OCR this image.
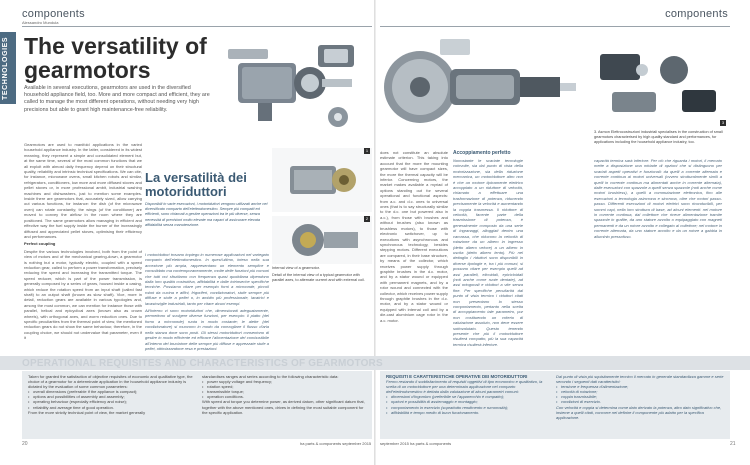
components	components
Alessandro Mundula
TECHNOLOGIES The versatility of gearmotors
Available in several executions, gearmotors are used in the diversified household appliance field, too. More and more compact and efficient, they are called to manage the most different operations, without needing very high precisions but able to grant high maintenance-free reliability.

Gearmotors are used to manifold applications in the varied household appliance industry. In the latter, considered in its widest meaning, they represent a simple and consolidated element but, at the same time, several of the most common functions that we all exploit with almost daily frequency depend on their structural quality, reliability and intrinsic technical specifications. We can cite, for instance, microwave ovens, small kitchen robots and similar, refrigerators, conditioners, low more and more diffused stoves and pellet stoves or, in more professional ambit, industrial washing machines and dishwashers, just to mention some examples. Inside there are gearmotors that, accurately sized, allow carrying out various functions, for instance: the dish (of the microwave oven) can rotate constantly; the wings (of the conditioner) are moved to convey the airflow in the room where they are positioned. The same gearmotors allow managing in efficient and effective way the fuel supply inside the burner of the increasingly diffused and appreciated pellet stoves, optimising their efficiency and performances.

Perfect coupling

Despite the various technologies involved, both from the point of view of motors and of the mechanical gearing-down, a gearmotor is nothing but a motor, typically electric, coupled with a speed reduction gear, called to perform a power transformation, precisely reducing the speed and increasing the transmitted torque. The speed reducer, which is part of the power transmission, is generally composed by a series of gears, housed inside a casing, which reduce the rotation speed from an input shaft (called fast shaft) to an output shaft (known as slow shaft). Vice, more in detail, reduction gears are available in various typologies and, among the most common, we can mention for instance those with parallel, helical and epicyclical axes (known also as crown wheels), with orthogonal axes, and worm reduction ones. Due to specific peculiarities from the thermal point of view, the mentioned reduction gears do not show the same behaviour, therefore, in the coupling choice, we should not undervalue that parameter, even if it

La versatilità dei motoriduttori
Disponibili in varie esecuzioni, i motoriduttori vengono utilizzati anche nel diversificato comparto dell'elettrodomestico. Sempre più compatti ed efficienti, sono chiamati a gestire operazioni tra le più diverse, senza necessità di precisioni molto elevate ma capaci di assicurare elevata affidabilità senza manutenzione.

I motoriduttori trovano impiego in numerose applicazioni nel variegato comparto dell'elettrodomestico. In quest'ultimo, inteso nella sua accezione più ampia, rappresentano un elemento semplice e consolidato ma contemporaneamente, molte delle funzioni più comuni che tutti noi sfruttiamo con frequenza quasi quotidiana dipendono dalla loro qualità costruttiva, affidabilità e dalle intrinseche specifiche tecniche. Possiamo citare per esempio forni a microonde, piccoli robot da cucina e affini, frigoriferi, condizionatori, stufe sempre più diffuse e stufe a pellet o, in ambito più professionale, lavatrici e lavastoviglie industriali, tanto per citare alcuni esempi.

All'interno vi sono motoriduttori che, dimensionati adeguatamente, permettono di svolgere diverse funzioni, per esempio: il piatto (del forno a microonde) ruota in modo costante; le alette (del condizionatore) si muovono in modo da convogliare il flusso d'aria nella stanza dove sono posti. Gli stessi motoriduttori consentono di gestire in modo efficiente ed efficace l'alimentazione del combustibile all'interno del bruciatore delle sempre più diffuse e apprezzate stufe a pellet, ottimizzandone resa e prestazioni.

1
2
Internal view of a gearmotor.
Detail of the internal view of a typical gearmotor with parallel axes, to alternate current and with external coil.

does not constitute an absolute estimate criterion. This taking into account that the more the mounting gearmotor will have compact sizes, the more the thermal capacity will be inferior. Concerning motors, the market makes available a myriad of options standing out for several operational and functional aspects: from a.c. and d.c. ones to universal ones (that is to say structurally similar to the d.c. one but powered also in a.c.), from those with brushes and without brushes (also known as brushless motors), to those with electronic switchover, up to executions with asynchronous and synchronous technology, besides stepping motors. Different executions are compared, in their base structure, by means of the collector, which receives power supply through graphite brushes in the d.c. motor, and by a stator wound or equipped with permanent magnets, and by a rotor wound and connected with the collector, which receives power supply through graphite brushes in the d.c. motor, and by a stator wound or equipped with internal coil and by a die-cast aluminium cage rotor in the a.c. motor.

Accoppiamento perfetto

Nonostante le svariate tecnologie coinvolte, sia dal punto di vista della motorizzazione, sia della riduzione meccanica, un motoriduttore altro non è che un motore tipicamente elettrico accoppiato a un riduttore di velocità, chiamato a effettuare una trasformazione di potenza, riducendo precisamente la velocità e aumentando la coppia trasmessa. Il riduttore di velocità, facente parte della trasmissione di potenza, è generalmente composto da una serie di ingranaggi, alloggiati dentro una carcassa, che riducono la velocità di rotazione da un albero in ingresso (detto albero veloce) a un albero in uscita (detto albero lento). Più nel dettaglio i riduttori sono disponibili in diverse tipologie e, tra i più comuni, si possono citare per esempio quelli ad assi paralleli, elicoidali, epicicloidali (noti anche come ruote dentate), ad assi ortogonali e riduttori a vite senza fine. Per specifiche peculiarità dal punto di vista termico i riduttori citati non presentano lo stesso comportamento, pertanto nella scelta di accoppiamento tale parametro, pur non costituendo un criterio di valutazione assoluto, non deve essere sottovalutato. Questo tenendo presente che più il motoriduttore risulterà compatto, più la sua capacità termica risulterà inferiore.

3
3. Asmon Elettrocostruzioni industriali specialises in the construction of small gearmotors characterised by high quality standard and performances, for applications including the household appliance industry, too.

capacità termica sarà inferiore. Per ciò che riguarda i motori, il mercato mette a disposizione una miriade di opzioni che si distinguono per svariati aspetti operativi e funzionali: da quelli a corrente alternata e corrente continua ai motori universali (ovvero strutturalmente simili a quelli in corrente continua ma alimentati anche in corrente alternata), dalle esecuzioni con spazzole a quelli senza spazzole (noti anche come motori brushless), a quelli a commutazione elettronica, fino alle esecuzioni a tecnologia asincrona e sincrona, oltre che motori passo-passo. Differenti esecuzioni di motori elettrici sono riconducibili, per sommi capi, nella loro struttura di base, ad alcuni elementi: nel motore in corrente continua, dal collettore che riceve alimentazione tramite spazzole in grafite, da uno statore avvolto o equipaggiato con magneti permanenti e da un rotore avvolto e collegato al collettore; nel motore in corrente alternata, da uno statore avvolto e da un rotore a gabbia in alluminio pressofuso.

OPERATIONAL REQUISITES AND CHARACTERISTICS OF GEARMOTORS
Taken for granted the satisfaction of objective requisites of economic and qualitative type, the choice of a gearmotor for a determinate application in the household appliance industry is dictated by the evaluation of some common parameters:
• overall dimensions (preferable if the appliance is compact);
• options and possibilities of assembly and assembly;
• operating behaviour (especially efficiency and noise);
• reliability and average time of good operation.
From the more strictly technical point of view, the market generally
standardises ranges and series according to the following characteristic data:
• power supply voltage and frequency;
• rotation speed;
• transmissible torque;
• operation conditions.
With speed and torque you determine power, as derived datum, other significant datum that, together with the above mentioned ones, drives in defining the most suitable component for the specific application.
REQUISITI E CARATTERISTICHE OPERATIVE DEI MOTORIDUTTORI
Fermo restando il soddisfacimento di requisiti oggettivi di tipo economico e qualitativo, la scelta di un motoriduttore per una determinata applicazione nel comparto dell'elettrodomestico è dettata dalla valutazione di alcuni parametri comuni:
• dimensioni d'ingombro (preferibile se l'apparecchio è compatto);
• opzioni e possibilità di assiemaggio e montaggio;
• comportamento in esercizio (soprattutto rendimento e rumorosità);
• affidabilità e tempo medio di buon funzionamento.
Dal punto di vista più squisitamente tecnico il mercato in generale standardizza gamme e serie secondo i seguenti dati caratteristici:
• tensione e frequenza d'alimentazione;
• velocità di rotazione;
• coppia trasmissibile;
• condizioni di esercizio.
Con velocità e coppia si determina come dato derivato la potenza, altro dato significativo che, insieme a quelli citati, concorre nel definire il componente più adatto per la specifica applicazione.
20	21
ha parts & components september 2015 september 2015 ha parts & components
